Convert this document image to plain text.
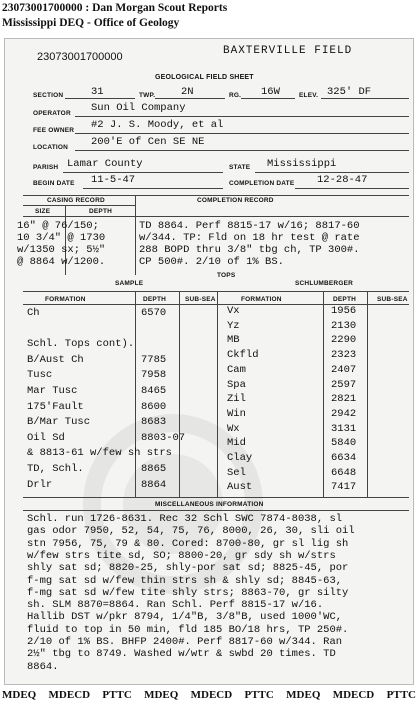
23073001700000 : Dan Morgan Scout Reports
Mississippi DEQ - Office of Geology
23073001700000	BAXTERVILLE FIELD
GEOLOGICAL FIELD SHEET
SECTION	31	TWP. 2N	RG. 16W	ELEV. 325' DF
OPERATOR Sun Oil Company
FEE OWNER #2 J. S. Moody, et al
LOCATION 200'E of Cen SE NE
PARISH Lamar County	STATE Mississippi
BEGIN DATE 11-5-47	COMPLETION DATE 12-28-47
CASING RECORD	COMPLETION RECORD
SIZE	DEPTH
16" @ 76/150;
10 3/4" @ 1730
w/1350 sx; 5½"
@ 8864 w/1200.
TD 8864. Perf 8815-17 w/16; 8817-60
w/344. TP: Fld on 18 hr test @ rate
288 BOPD thru 3/8" tbg ch, TP 300#.
CP 500#. 2/10 of 1% BS.
SAMPLE
TOPS
SCHLUMBERGER
FORMATION	DEPTH	SUB-SEA	FORMATION	DEPTH	SUB-SEA
Ch	6570
Schl. Tops cont).
B/Aust Ch	7785
Tusc	7958
Mar Tusc	8465
175'Fault	8600
B/Mar Tusc	8683
Oil Sd	8803-07
& 8813-61 w/few sh strs
TD, Schl.	8865
Drlr	8864
Vx	1956
Yz	2130
MB	2290
Ckfld	2323
Cam	2407
Spa	2597
Zil	2821
Win	2942
Wx	3131
Mid	5840
Clay	6634
Sel	6648
Aust	7417
MISCELLANEOUS INFORMATION
Schl. run 1726-8631. Rec 32 Schl SWC 7874-8038, sl
gas odor 7950, 52, 54, 75, 76, 8000, 26, 30, sli oil
stn 7956, 75, 79 & 80. Cored: 8700-80, gr sl lig sh
w/few strs tite sd, SO; 8800-20, gr sdy sh w/strs
shly sat sd; 8820-25, shly-por sat sd; 8825-45, por
f-mg sat sd w/few thin strs sh & shly sd; 8845-63,
f-mg sat sd w/few tite shly strs; 8863-70, gr silty
sh. SLM 8870=8864. Ran Schl. Perf 8815-17 w/16.
Hallib DST w/pkr 8794, 1/4"B, 3/8"B, used 1000'WC,
fluid to top in 50 min, fld 185 BO/18 hrs, TP 250#.
2/10 of 1% BS. BHFP 2400#. Perf 8817-60 w/344. Ran
2½" tbg to 8749. Washed w/wtr & swbd 20 times. TD
8864.
MDEQ MDECD PTTC MDEQ MDECD PTTC MDEQ MDECD PTTC
